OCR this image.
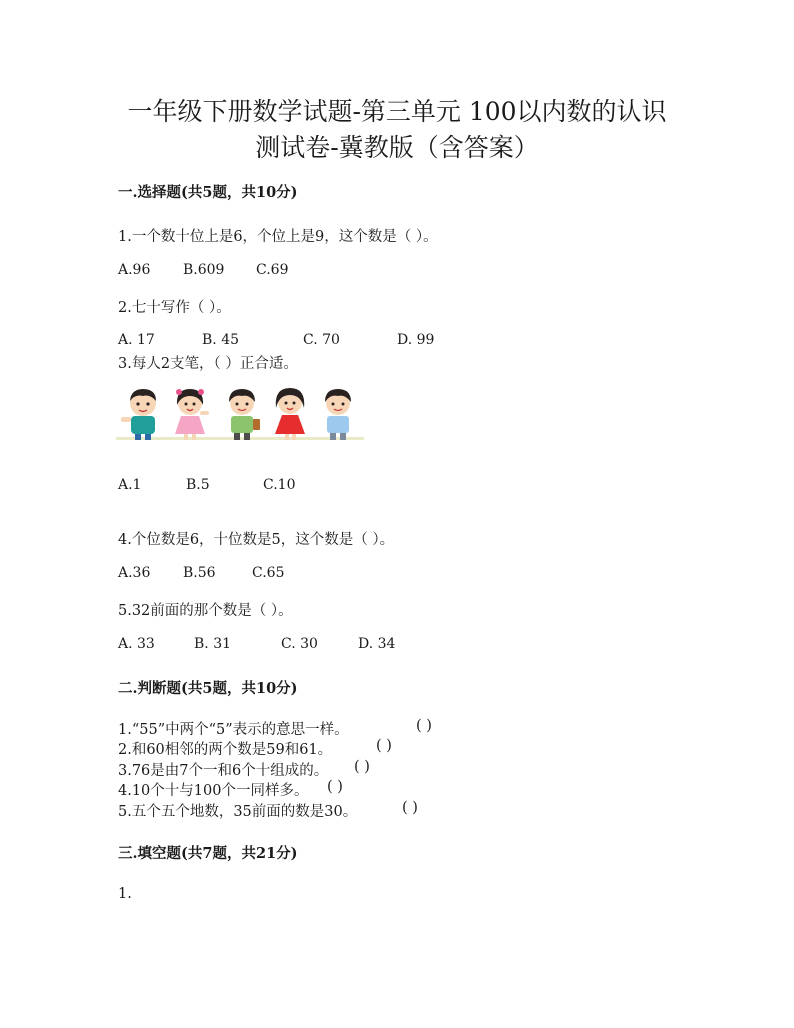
一年级下册数学试题-第三单元 100以内数的认识
测试卷-冀教版（含答案）
一.选择题(共5题，共10分)
1.一个数十位上是6，个位上是9，这个数是（ ）。
A.96 B.609 C.69
2.七十写作（ ）。
A. 17	B. 45	C. 70	D. 99
3.每人2支笔，（ ）正合适。
A.1	B.5	C.10
4.个位数是6，十位数是5，这个数是（ ）。
A.36 B.56	C.65
5.32前面的那个数是（ ）。
A. 33	B. 31	C. 30	D. 34
二.判断题(共5题，共10分)
1.“55”中两个“5”表示的意思一样。	( )
2.和60相邻的两个数是59和61。	( )
3.76是由7个一和6个十组成的。 ( )
4.10个十与100个一同样多。 ( )
5.五个五个地数，35前面的数是30。	( )
三.填空题(共7题，共21分)
1.
